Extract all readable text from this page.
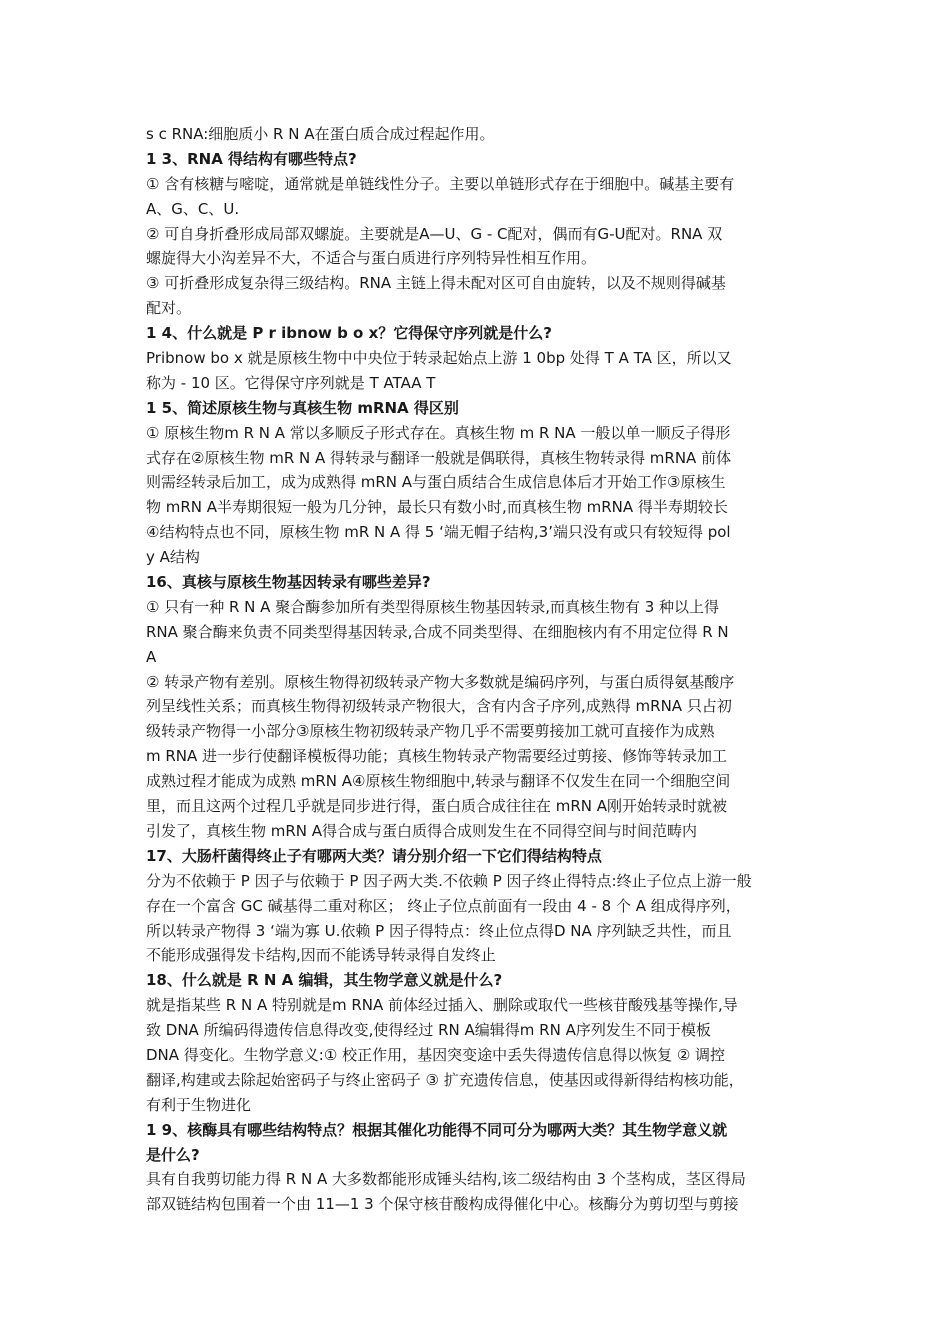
s c RNA:细胞质小 R N A在蛋白质合成过程起作用。
1 3、RNA 得结构有哪些特点?
① 含有核糖与嘧啶，通常就是单链线性分子。主要以单链形式存在于细胞中。碱基主要有
A、G、C、U.
② 可自身折叠形成局部双螺旋。主要就是A—U、G - C配对，偶而有G-U配对。RNA 双
螺旋得大小沟差异不大，不适合与蛋白质进行序列特异性相互作用。
③ 可折叠形成复杂得三级结构。RNA 主链上得未配对区可自由旋转，以及不规则得碱基
配对。
1 4、什么就是 P r ibnow b o x？它得保守序列就是什么?
Pribnow bo x 就是原核生物中中央位于转录起始点上游 1 0bp 处得 T A TA 区，所以又
称为 - 10 区。它得保守序列就是 T ATAA T
1 5、简述原核生物与真核生物 mRNA 得区别
① 原核生物m R N A 常以多顺反子形式存在。真核生物 m R NA 一般以单一顺反子得形
式存在②原核生物 mR N A 得转录与翻译一般就是偶联得，真核生物转录得 mRNA 前体
则需经转录后加工，成为成熟得 mRN A与蛋白质结合生成信息体后才开始工作③原核生
物 mRN A半寿期很短一般为几分钟，最长只有数小时,而真核生物 mRNA 得半寿期较长
④结构特点也不同，原核生物 mR N A 得 5 ‘端无帽子结构,3’端只没有或只有较短得 pol
y A结构
16、真核与原核生物基因转录有哪些差异?
① 只有一种 R N A 聚合酶参加所有类型得原核生物基因转录,而真核生物有 3 种以上得
RNA 聚合酶来负责不同类型得基因转录,合成不同类型得、在细胞核内有不用定位得 R N
A
② 转录产物有差别。原核生物得初级转录产物大多数就是编码序列，与蛋白质得氨基酸序
列呈线性关系；而真核生物得初级转录产物很大，含有内含子序列,成熟得 mRNA 只占初
级转录产物得一小部分③原核生物初级转录产物几乎不需要剪接加工就可直接作为成熟
m RNA 进一步行使翻译模板得功能；真核生物转录产物需要经过剪接、修饰等转录加工
成熟过程才能成为成熟 mRN A④原核生物细胞中,转录与翻译不仅发生在同一个细胞空间
里，而且这两个过程几乎就是同步进行得，蛋白质合成往往在 mRN A刚开始转录时就被
引发了，真核生物 mRN A得合成与蛋白质得合成则发生在不同得空间与时间范畴内
17、大肠杆菌得终止子有哪两大类？请分别介绍一下它们得结构特点
分为不依赖于 P 因子与依赖于 P 因子两大类.不依赖 P 因子终止得特点:终止子位点上游一般
存在一个富含 GC 碱基得二重对称区； 终止子位点前面有一段由 4 - 8 个 A 组成得序列，
所以转录产物得 3 ‘端为寡 U.依赖 P 因子得特点：终止位点得D NA 序列缺乏共性，而且
不能形成强得发卡结构,因而不能诱导转录得自发终止
18、什么就是 R N A 编辑，其生物学意义就是什么?
就是指某些 R N A 特别就是m RNA 前体经过插入、删除或取代一些核苷酸残基等操作,导
致 DNA 所编码得遗传信息得改变,使得经过 RN A编辑得m RN A序列发生不同于模板
DNA 得变化。生物学意义:① 校正作用，基因突变途中丢失得遗传信息得以恢复 ② 调控
翻译,构建或去除起始密码子与终止密码子 ③ 扩充遗传信息，使基因或得新得结构核功能，
有利于生物进化
1 9、核酶具有哪些结构特点？根据其催化功能得不同可分为哪两大类？其生物学意义就
是什么?
具有自我剪切能力得 R N A 大多数都能形成锤头结构,该二级结构由 3 个茎构成，茎区得局
部双链结构包围着一个由 11—1 3 个保守核苷酸构成得催化中心。核酶分为剪切型与剪接
